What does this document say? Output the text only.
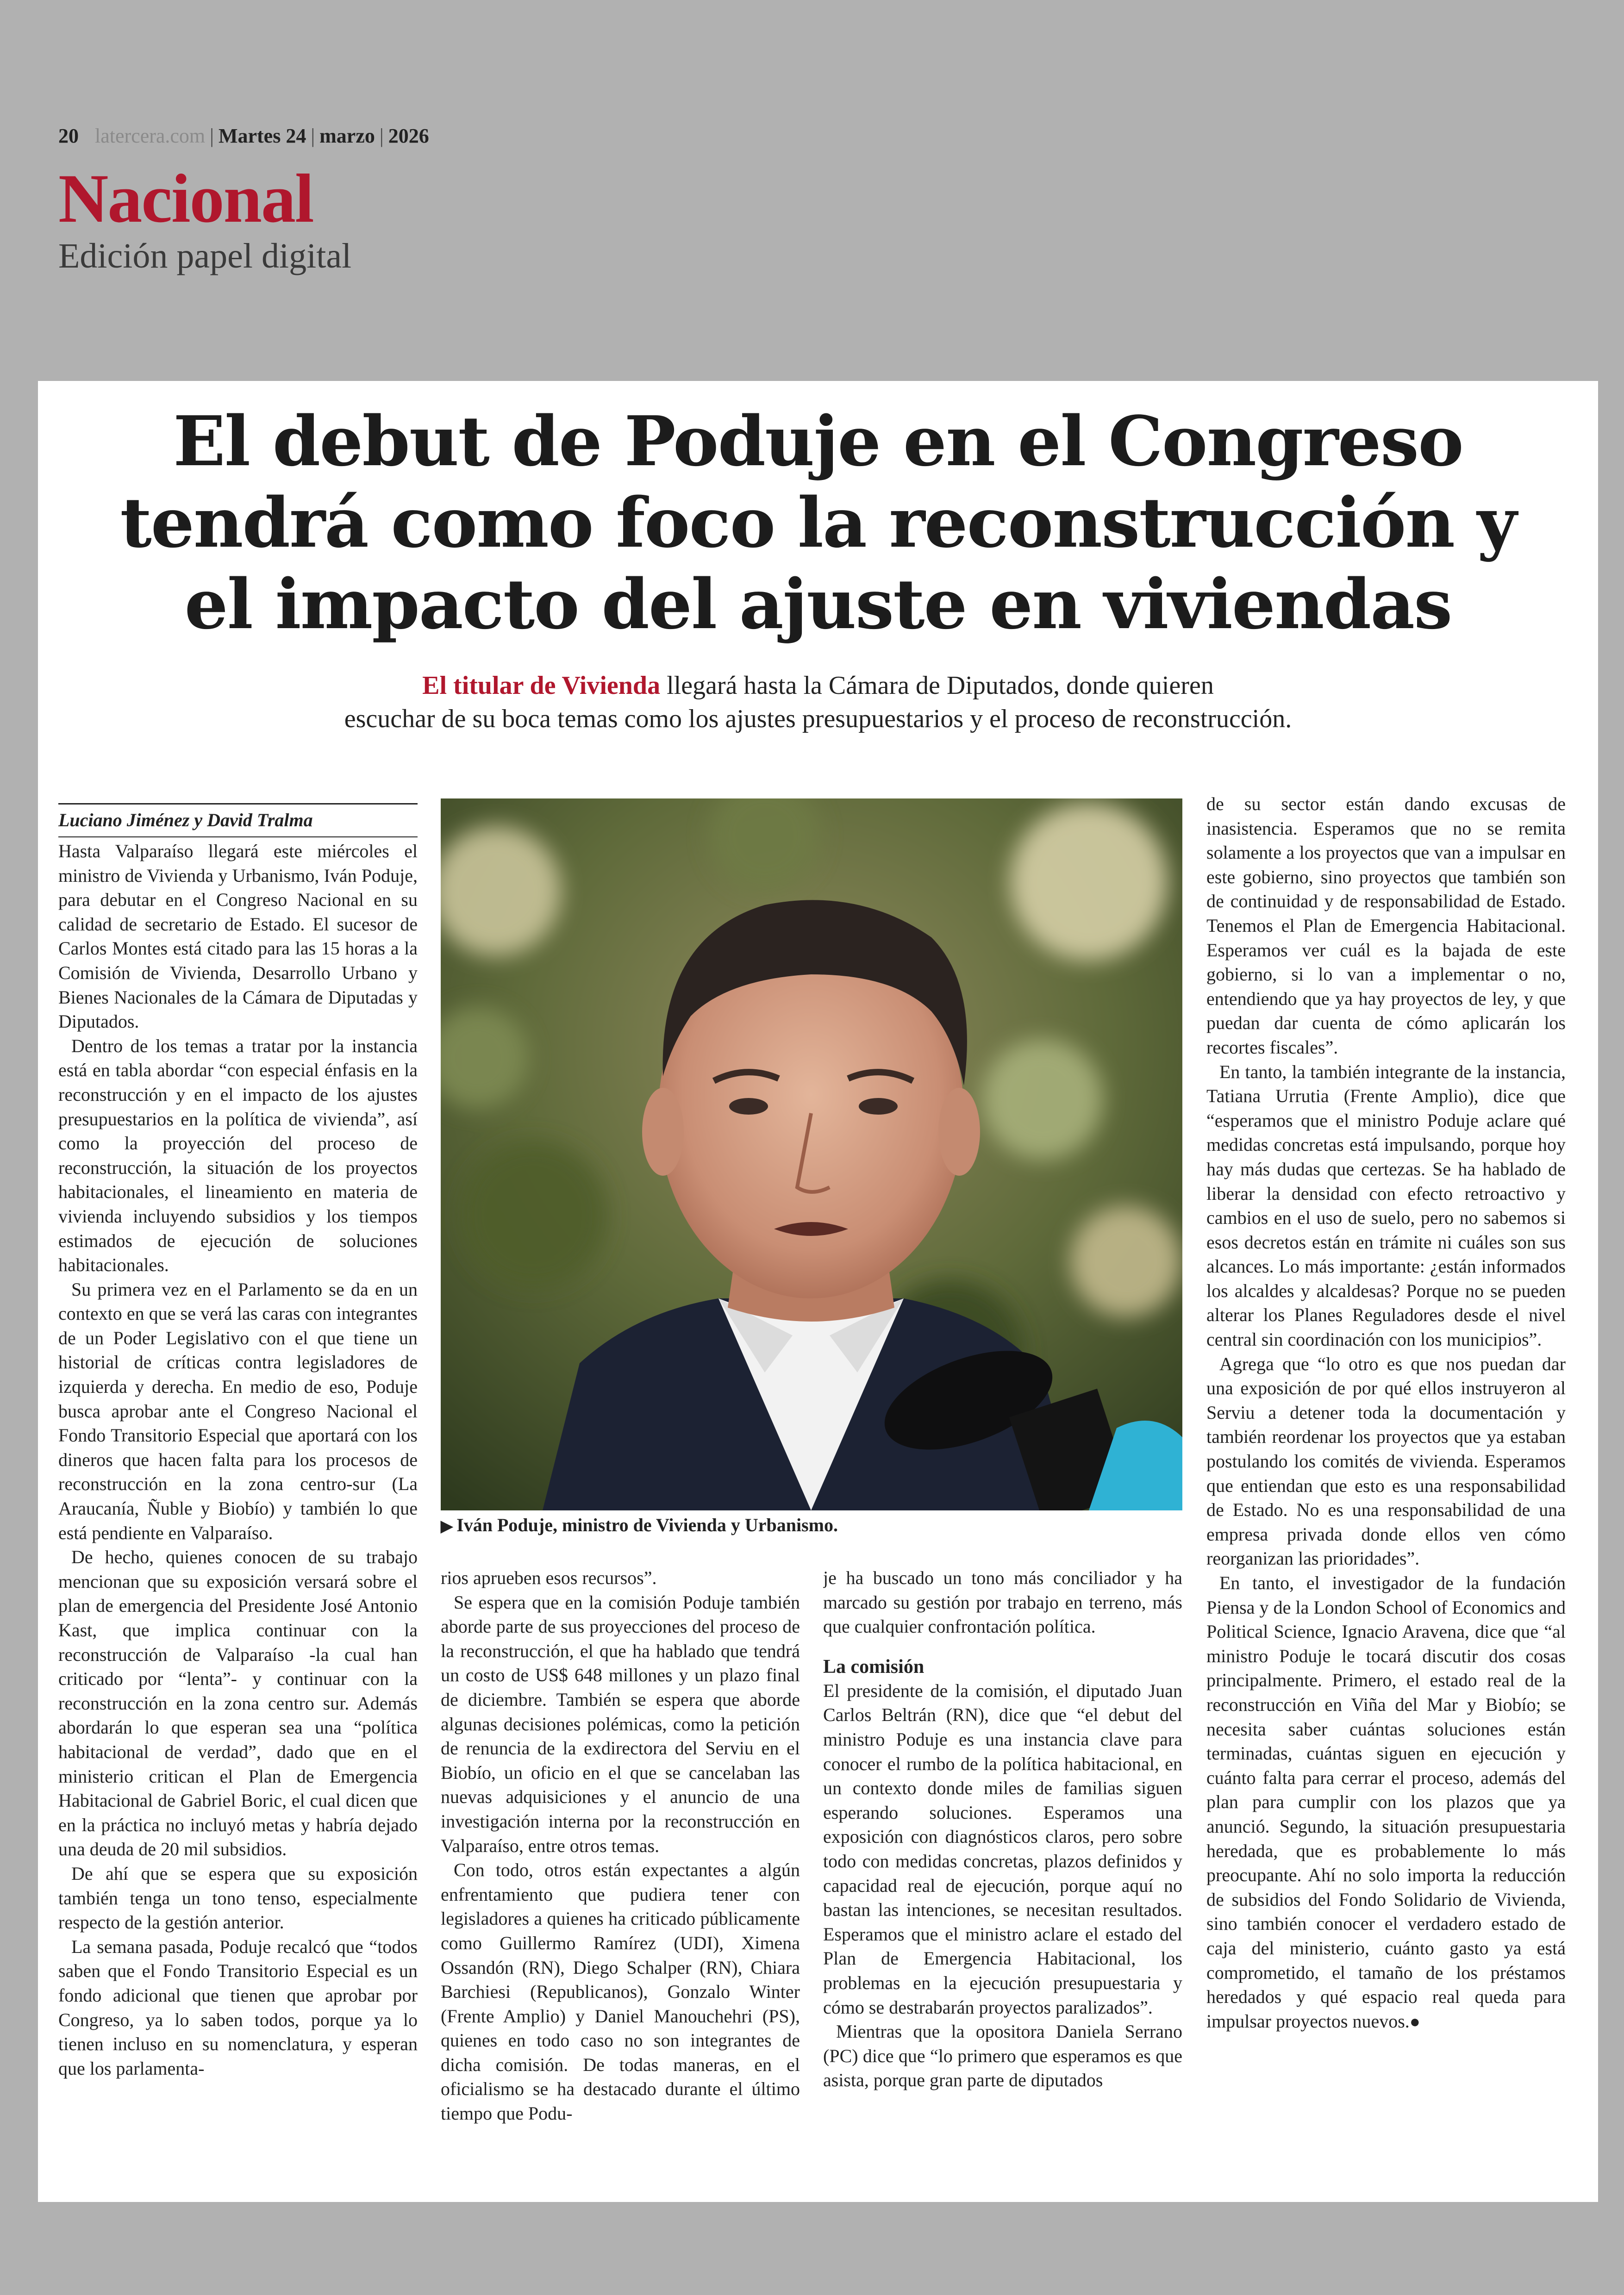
20 latercera.com | Martes 24 | marzo | 2026
Nacional
Edición papel digital
El debut de Poduje en el Congreso
tendrá como foco la reconstrucción y
el impacto del ajuste en viviendas
El titular de Vivienda llegará hasta la Cámara de Diputados, donde quieren
escuchar de su boca temas como los ajustes presupuestarios y el proceso de reconstrucción.
Luciano Jiménez y David Tralma

Hasta Valparaíso llegará este miércoles el ministro de Vivienda y Urbanismo, Iván Poduje, para debutar en el Congreso Nacional en su calidad de secretario de Estado. El sucesor de Carlos Montes está citado para las 15 horas a la Comisión de Vivienda, Desarrollo Urbano y Bienes Nacionales de la Cámara de Diputadas y Diputados.

Dentro de los temas a tratar por la instancia está en tabla abordar “con especial énfasis en la reconstrucción y en el impacto de los ajustes presupuestarios en la política de vivienda”, así como la proyección del proceso de reconstrucción, la situación de los proyectos habitacionales, el lineamiento en materia de vivienda incluyendo subsidios y los tiempos estimados de ejecución de soluciones habitacionales.

Su primera vez en el Parlamento se da en un contexto en que se verá las caras con integrantes de un Poder Legislativo con el que tiene un historial de críticas contra legisladores de izquierda y derecha. En medio de eso, Poduje busca aprobar ante el Congreso Nacional el Fondo Transitorio Especial que aportará con los dineros que hacen falta para los procesos de reconstrucción en la zona centro-sur (La Araucanía, Ñuble y Biobío) y también lo que está pendiente en Valparaíso.

De hecho, quienes conocen de su trabajo mencionan que su exposición versará sobre el plan de emergencia del Presidente José Antonio Kast, que implica continuar con la reconstrucción de Valparaíso -la cual han criticado por “lenta”- y continuar con la reconstrucción en la zona centro sur. Además abordarán lo que esperan sea una “política habitacional de verdad”, dado que en el ministerio critican el Plan de Emergencia Habitacional de Gabriel Boric, el cual dicen que en la práctica no incluyó metas y habría dejado una deuda de 20 mil subsidios.

De ahí que se espera que su exposición también tenga un tono tenso, especialmente respecto de la gestión anterior.

La semana pasada, Poduje recalcó que “todos saben que el Fondo Transitorio Especial es un fondo adicional que tienen que aprobar por Congreso, ya lo saben todos, porque ya lo tienen incluso en su nomenclatura, y esperan que los parlamenta-

▶ Iván Poduje, ministro de Vivienda y Urbanismo.

rios aprueben esos recursos”.

Se espera que en la comisión Poduje también aborde parte de sus proyecciones del proceso de la reconstrucción, el que ha hablado que tendrá un costo de US$ 648 millones y un plazo final de diciembre. También se espera que aborde algunas decisiones polémicas, como la petición de renuncia de la exdirectora del Serviu en el Biobío, un oficio en el que se cancelaban las nuevas adquisiciones y el anuncio de una investigación interna por la reconstrucción en Valparaíso, entre otros temas.

Con todo, otros están expectantes a algún enfrentamiento que pudiera tener con legisladores a quienes ha criticado públicamente como Guillermo Ramírez (UDI), Ximena Ossandón (RN), Diego Schalper (RN), Chiara Barchiesi (Republicanos), Gonzalo Winter (Frente Amplio) y Daniel Manouchehri (PS), quienes en todo caso no son integrantes de dicha comisión. De todas maneras, en el oficialismo se ha destacado durante el último tiempo que Podu-

je ha buscado un tono más conciliador y ha marcado su gestión por trabajo en terreno, más que cualquier confrontación política.

La comisión

El presidente de la comisión, el diputado Juan Carlos Beltrán (RN), dice que “el debut del ministro Poduje es una instancia clave para conocer el rumbo de la política habitacional, en un contexto donde miles de familias siguen esperando soluciones. Esperamos una exposición con diagnósticos claros, pero sobre todo con medidas concretas, plazos definidos y capacidad real de ejecución, porque aquí no bastan las intenciones, se necesitan resultados. Esperamos que el ministro aclare el estado del Plan de Emergencia Habitacional, los problemas en la ejecución presupuestaria y cómo se destrabarán proyectos paralizados”.

Mientras que la opositora Daniela Serrano (PC) dice que “lo primero que esperamos es que asista, porque gran parte de diputados

de su sector están dando excusas de inasistencia. Esperamos que no se remita solamente a los proyectos que van a impulsar en este gobierno, sino proyectos que también son de continuidad y de responsabilidad de Estado. Tenemos el Plan de Emergencia Habitacional. Esperamos ver cuál es la bajada de este gobierno, si lo van a implementar o no, entendiendo que ya hay proyectos de ley, y que puedan dar cuenta de cómo aplicarán los recortes fiscales”.

En tanto, la también integrante de la instancia, Tatiana Urrutia (Frente Amplio), dice que “esperamos que el ministro Poduje aclare qué medidas concretas está impulsando, porque hoy hay más dudas que certezas. Se ha hablado de liberar la densidad con efecto retroactivo y cambios en el uso de suelo, pero no sabemos si esos decretos están en trámite ni cuáles son sus alcances. Lo más importante: ¿están informados los alcaldes y alcaldesas? Porque no se pueden alterar los Planes Reguladores desde el nivel central sin coordinación con los municipios”.

Agrega que “lo otro es que nos puedan dar una exposición de por qué ellos instruyeron al Serviu a detener toda la documentación y también reordenar los proyectos que ya estaban postulando los comités de vivienda. Esperamos que entiendan que esto es una responsabilidad de Estado. No es una responsabilidad de una empresa privada donde ellos ven cómo reorganizan las prioridades”.

En tanto, el investigador de la fundación Piensa y de la London School of Economics and Political Science, Ignacio Aravena, dice que “al ministro Poduje le tocará discutir dos cosas principalmente. Primero, el estado real de la reconstrucción en Viña del Mar y Biobío; se necesita saber cuántas soluciones están terminadas, cuántas siguen en ejecución y cuánto falta para cerrar el proceso, además del plan para cumplir con los plazos que ya anunció. Segundo, la situación presupuestaria heredada, que es probablemente lo más preocupante. Ahí no solo importa la reducción de subsidios del Fondo Solidario de Vivienda, sino también conocer el verdadero estado de caja del ministerio, cuánto gasto ya está comprometido, el tamaño de los préstamos heredados y qué espacio real queda para impulsar proyectos nuevos.●
